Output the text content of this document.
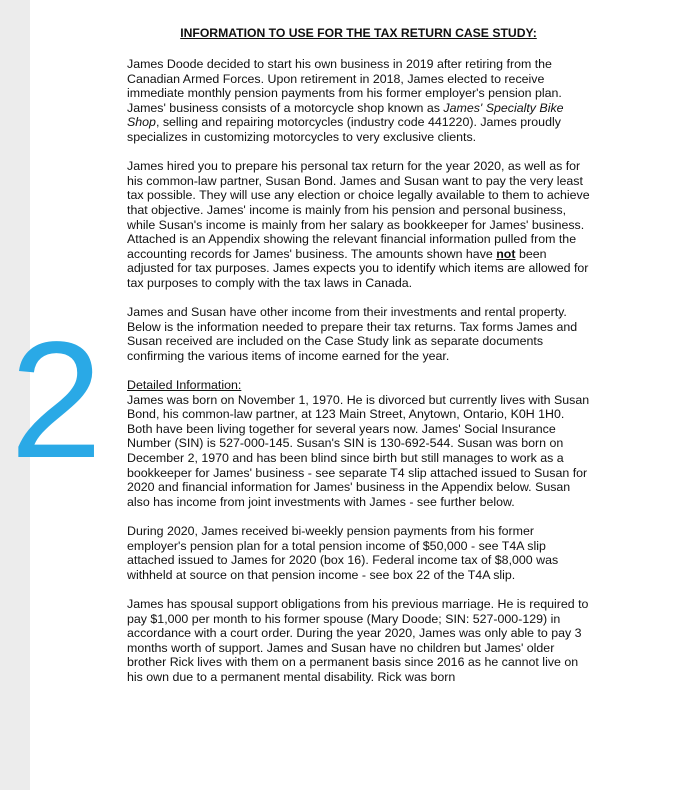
2
INFORMATION TO USE FOR THE TAX RETURN CASE STUDY:

James Doode decided to start his own business in 2019 after retiring from the Canadian Armed Forces. Upon retirement in 2018, James elected to receive immediate monthly pension payments from his former employer's pension plan. James' business consists of a motorcycle shop known as James' Specialty Bike Shop, selling and repairing motorcycles (industry code 441220). James proudly specializes in customizing motorcycles to very exclusive clients.

James hired you to prepare his personal tax return for the year 2020, as well as for his common-law partner, Susan Bond. James and Susan want to pay the very least tax possible. They will use any election or choice legally available to them to achieve that objective. James' income is mainly from his pension and personal business, while Susan's income is mainly from her salary as bookkeeper for James' business. Attached is an Appendix showing the relevant financial information pulled from the accounting records for James' business. The amounts shown have not been adjusted for tax purposes. James expects you to identify which items are allowed for tax purposes to comply with the tax laws in Canada.

James and Susan have other income from their investments and rental property. Below is the information needed to prepare their tax returns. Tax forms James and Susan received are included on the Case Study link as separate documents confirming the various items of income earned for the year.

Detailed Information:

James was born on November 1, 1970. He is divorced but currently lives with Susan Bond, his common-law partner, at 123 Main Street, Anytown, Ontario, K0H 1H0. Both have been living together for several years now. James' Social Insurance Number (SIN) is 527-000-145. Susan's SIN is 130-692-544. Susan was born on December 2, 1970 and has been blind since birth but still manages to work as a bookkeeper for James' business - see separate T4 slip attached issued to Susan for 2020 and financial information for James' business in the Appendix below. Susan also has income from joint investments with James - see further below.

During 2020, James received bi-weekly pension payments from his former employer's pension plan for a total pension income of $50,000 - see T4A slip attached issued to James for 2020 (box 16). Federal income tax of $8,000 was withheld at source on that pension income - see box 22 of the T4A slip.

James has spousal support obligations from his previous marriage. He is required to pay $1,000 per month to his former spouse (Mary Doode; SIN: 527-000-129) in accordance with a court order. During the year 2020, James was only able to pay 3 months worth of support. James and Susan have no children but James' older brother Rick lives with them on a permanent basis since 2016 as he cannot live on his own due to a permanent mental disability. Rick was born
